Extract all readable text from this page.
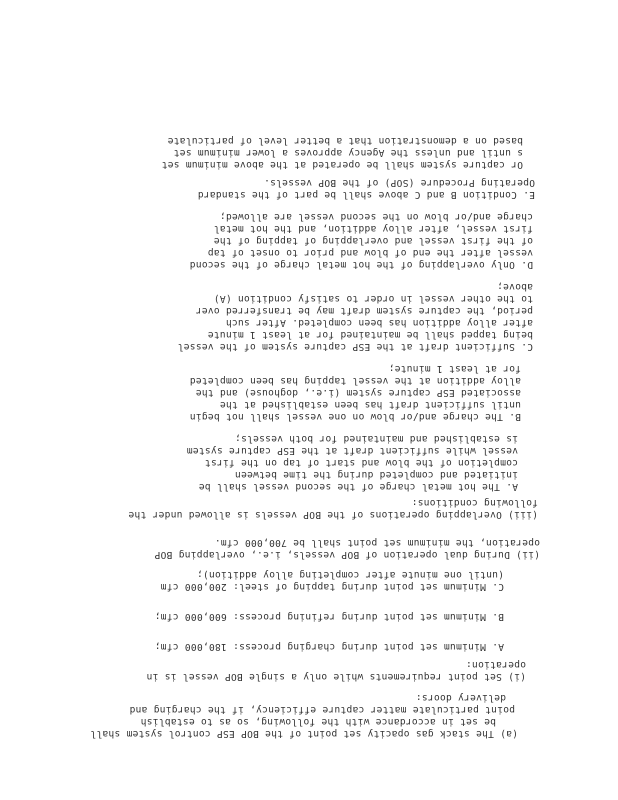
(a) The stack gas opacity set point of the BOP ESP control system shall
be set in accordance with the following, so as to establish
point particulate matter capture efficiency, if the charging and
delivery doors:
(i) Set point requirements while only a single BOP vessel is in
operation:
A. Minimum set point during charging process: 180,000 cfm;
B. Minimum set point during refining process: 600,000 cfm;
C. Minimum set point during tapping of steel: 200,000 cfm
(until one minute after completing alloy addition);
(ii) During dual operation of BOP vessels, i.e., overlapping BOP
operation, the minimum set point shall be 700,000 cfm.
(iii) Overlapping operations of the BOP vessels is allowed under the
following conditions:
A. The hot metal charge of the second vessel shall be
initiated and completed during the time between
completion of the blow and start of tap on the first
vessel while sufficient draft at the ESP capture system
is established and maintained for both vessels;
B. The charge and/or blow on one vessel shall not begin
until sufficient draft has been established at the
associated ESP capture system (i.e., doghouse) and the
alloy addition at the vessel tapping has been completed
for at least 1 minute;
C. Sufficient draft at the ESP capture system of the vessel
being tapped shall be maintained for at least 1 minute
after alloy addition has been completed. After such
period, the capture system draft may be transferred over
to the other vessel in order to satisfy condition (A)
above;
D. Only overlapping of the hot metal charge of the second
vessel after the end of blow and prior to onset of tap
of the first vessel and overlapping of tapping of the
first vessel, after alloy addition, and the hot metal
charge and/or blow on the second vessel are allowed;
E. Condition B and C above shall be part of the standard
Operating Procedure (SOP) of the BOP vessels.
Or capture system shall be operated at the above minimum set
s until and unless the Agency approves a lower minimum set
based on a demonstration that a better level of particulate
